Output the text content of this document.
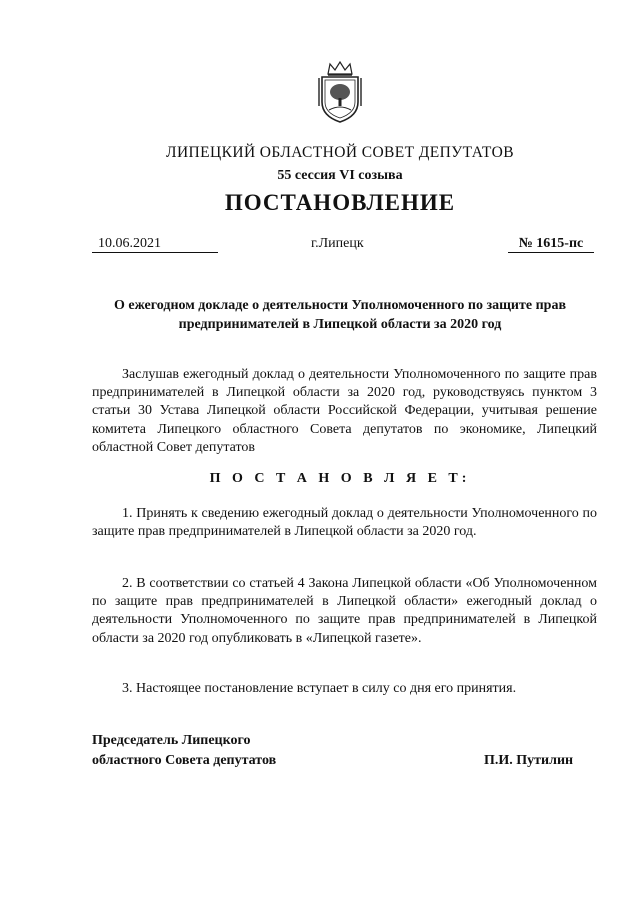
ЛИПЕЦКИЙ ОБЛАСТНОЙ СОВЕТ ДЕПУТАТОВ
55 сессия VI созыва
ПОСТАНОВЛЕНИЕ
10.06.2021	г.Липецк	№ 1615-пс
О ежегодном докладе о деятельности Уполномоченного по защите прав предпринимателей в Липецкой области за 2020 год

Заслушав ежегодный доклад о деятельности Уполномоченного по защите прав предпринимателей в Липецкой области за 2020 год, руководствуясь пунктом 3 статьи 30 Устава Липецкой области Российской Федерации, учитывая решение комитета Липецкого областного Совета депутатов по экономике, Липецкий областной Совет депутатов

П О С Т А Н О В Л Я Е Т:

1. Принять к сведению ежегодный доклад о деятельности Уполномоченного по защите прав предпринимателей в Липецкой области за 2020 год.

2. В соответствии со статьей 4 Закона Липецкой области «Об Уполномоченном по защите прав предпринимателей в Липецкой области» ежегодный доклад о деятельности Уполномоченного по защите прав предпринимателей в Липецкой области за 2020 год опубликовать в «Липецкой газете».

3. Настоящее постановление вступает в силу со дня его принятия.

Председатель Липецкого
областного Совета депутатов	П.И. Путилин
